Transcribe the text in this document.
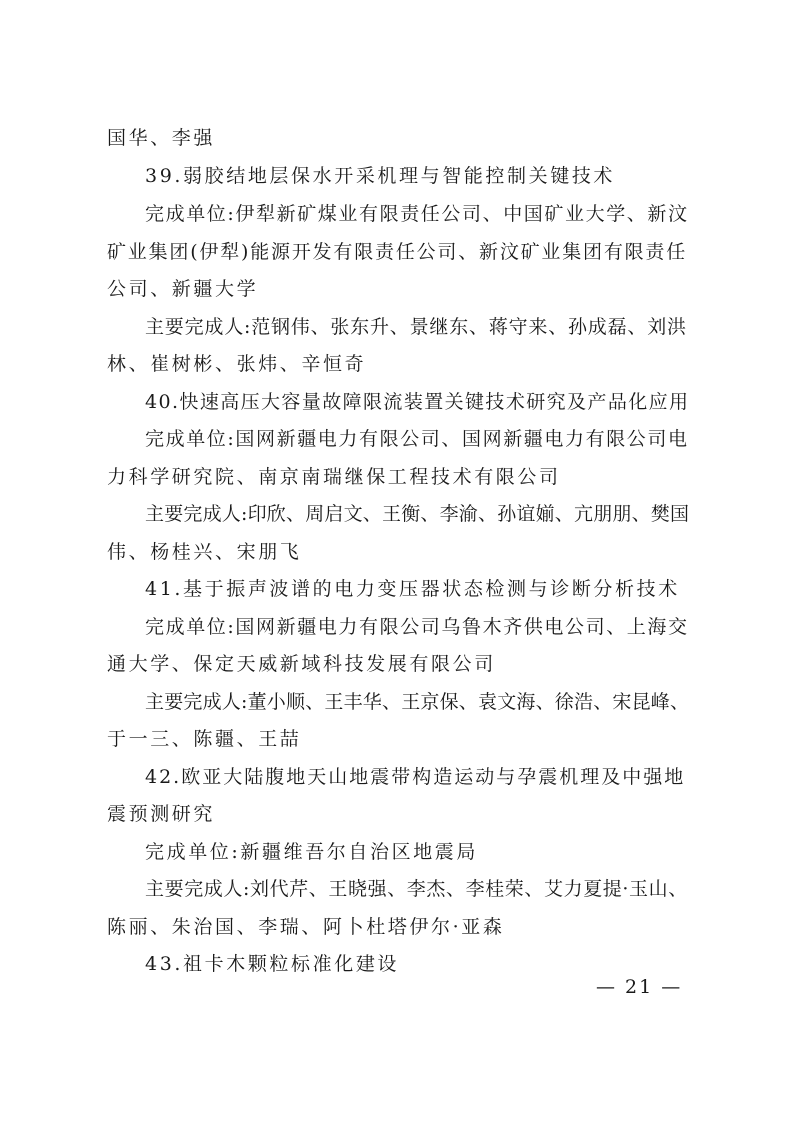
国华、李强
39.弱胶结地层保水开采机理与智能控制关键技术
完成单位:伊犁新矿煤业有限责任公司、中国矿业大学、新汶
矿业集团(伊犁)能源开发有限责任公司、新汶矿业集团有限责任
公司、新疆大学
主要完成人:范钢伟、张东升、景继东、蒋守来、孙成磊、刘洪
林、崔树彬、张炜、辛恒奇
40.快速高压大容量故障限流装置关键技术研究及产品化应用
完成单位:国网新疆电力有限公司、国网新疆电力有限公司电
力科学研究院、南京南瑞继保工程技术有限公司
主要完成人:印欣、周启文、王衡、李渝、孙谊媊、亢朋朋、樊国
伟、杨桂兴、宋朋飞
41.基于振声波谱的电力变压器状态检测与诊断分析技术
完成单位:国网新疆电力有限公司乌鲁木齐供电公司、上海交
通大学、保定天威新域科技发展有限公司
主要完成人:董小顺、王丰华、王京保、袁文海、徐浩、宋昆峰、
于一三、陈疆、王喆
42.欧亚大陆腹地天山地震带构造运动与孕震机理及中强地
震预测研究
完成单位:新疆维吾尔自治区地震局
主要完成人:刘代芹、王晓强、李杰、李桂荣、艾力夏提·玉山、
陈丽、朱治国、李瑞、阿卜杜塔伊尔·亚森
43.祖卡木颗粒标准化建设
— 21 —
